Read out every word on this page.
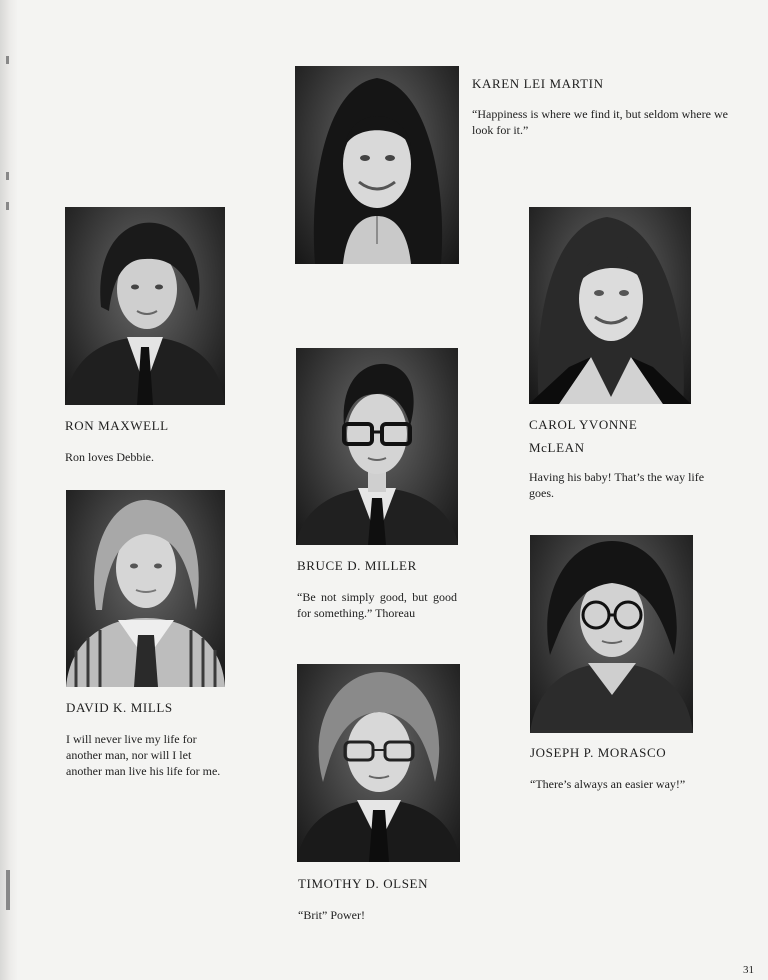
KAREN LEI MARTIN
“Happiness is where we find it, but seldom where we look for it.”
RON MAXWELL
Ron loves Debbie.
CAROL YVONNE
McLEAN
Having his baby! That’s the way life goes.
BRUCE D. MILLER
“Be not simply good, but good for something.” Thoreau
DAVID K. MILLS
I will never live my life for another man, nor will I let another man live his life for me.
JOSEPH P. MORASCO
“There’s always an easier way!”
TIMOTHY D. OLSEN
“Brit” Power!
31
